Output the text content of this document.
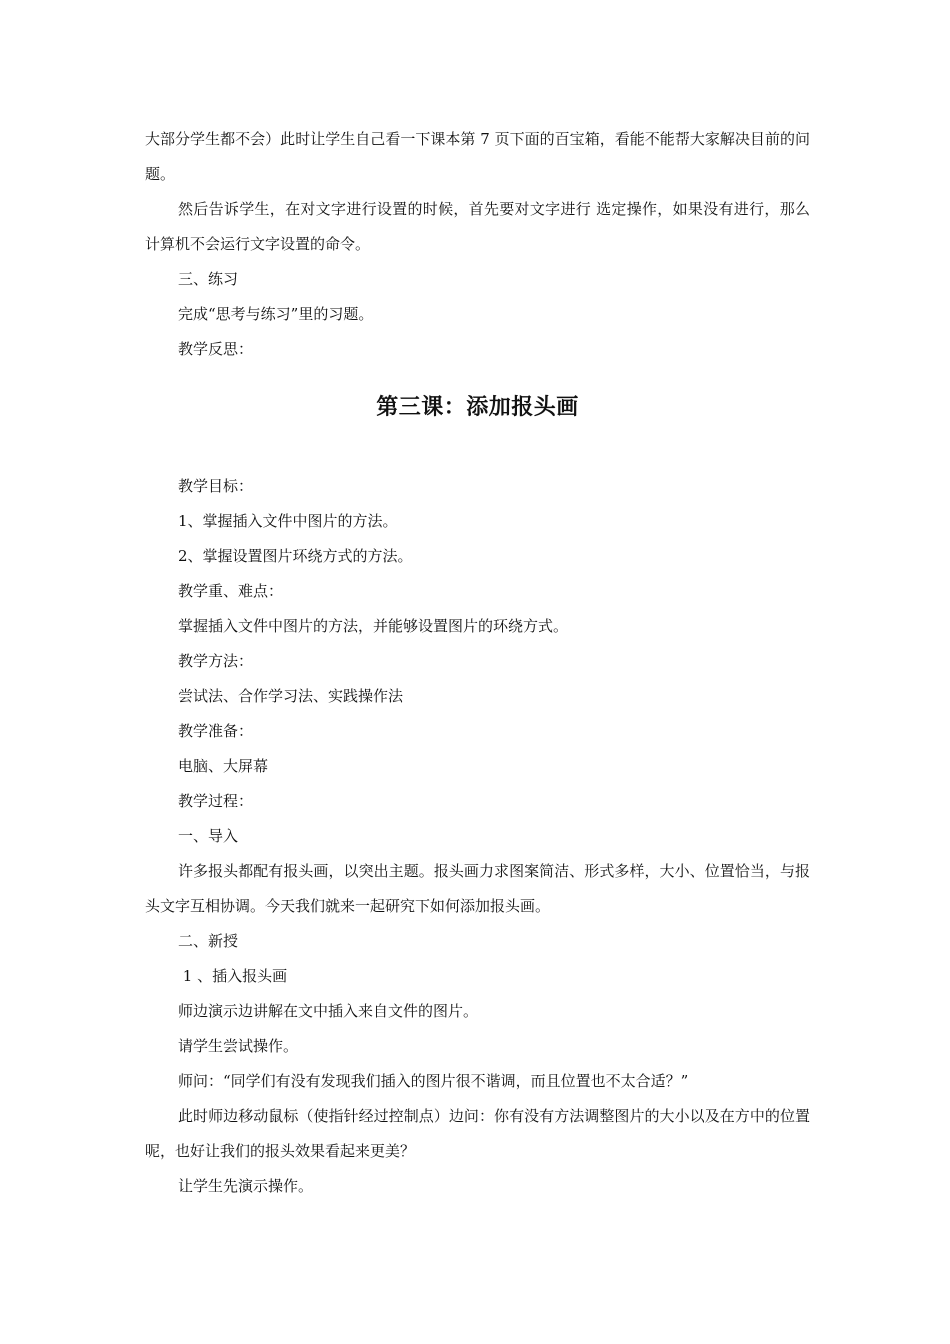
大部分学生都不会）此时让学生自己看一下课本第 7 页下面的百宝箱，看能不能帮大家解决目前的问题。

然后告诉学生，在对文字进行设置的时候，首先要对文字进行 选定操作，如果没有进行，那么计算机不会运行文字设置的命令。

三、练习

完成“思考与练习”里的习题。

教学反思：

第三课：添加报头画

教学目标：

1、掌握插入文件中图片的方法。

2、掌握设置图片环绕方式的方法。

教学重、难点：

掌握插入文件中图片的方法，并能够设置图片的环绕方式。

教学方法：

尝试法、合作学习法、实践操作法

教学准备：

电脑、大屏幕

教学过程：

一、导入

许多报头都配有报头画，以突出主题。报头画力求图案简洁、形式多样，大小、位置恰当，与报头文字互相协调。今天我们就来一起研究下如何添加报头画。

二、新授

1 、插入报头画

师边演示边讲解在文中插入来自文件的图片。

请学生尝试操作。

师问：“同学们有没有发现我们插入的图片很不谐调，而且位置也不太合适？”

此时师边移动鼠标（使指针经过控制点）边问：你有没有方法调整图片的大小以及在方中的位置呢，也好让我们的报头效果看起来更美？

让学生先演示操作。
